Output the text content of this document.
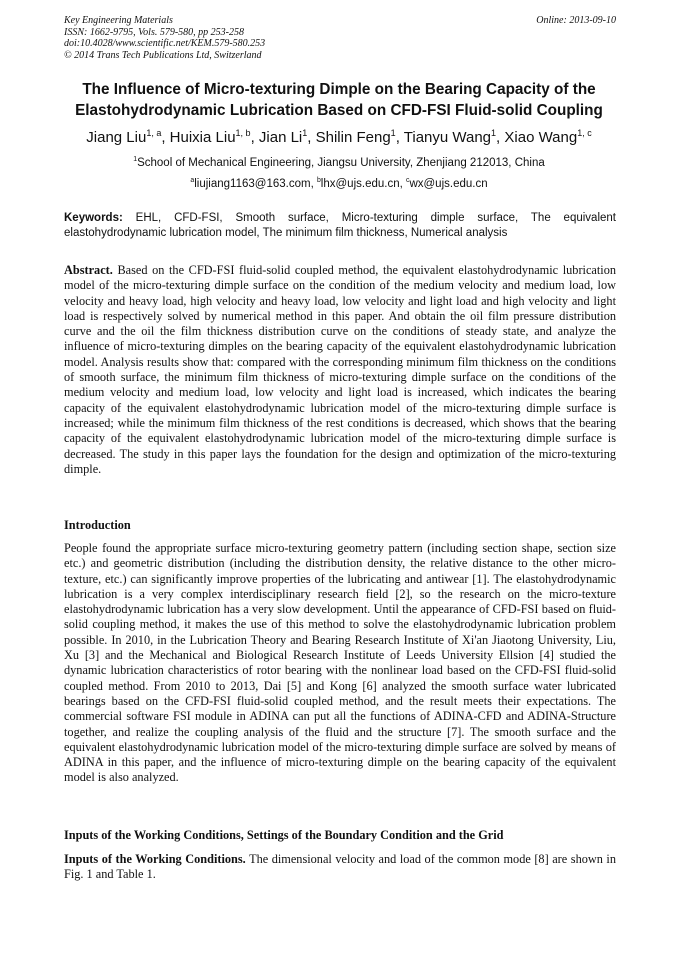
Key Engineering Materials
ISSN: 1662-9795, Vols. 579-580, pp 253-258
doi:10.4028/www.scientific.net/KEM.579-580.253
© 2014 Trans Tech Publications Ltd, Switzerland
Online: 2013-09-10
The Influence of Micro-texturing Dimple on the Bearing Capacity of the
Elastohydrodynamic Lubrication Based on CFD-FSI Fluid-solid Coupling
Jiang Liu$^{1, a}$, Huixia Liu$^{1, b}$, Jian Li$^1$, Shilin Feng$^1$, Tianyu Wang$^1$, Xiao Wang$^{1, c}$
$^1$School of Mechanical Engineering, Jiangsu University, Zhenjiang 212013, China
$^a$liujiang1163@163.com, $^b$lhx@ujs.edu.cn, $^c$wx@ujs.edu.cn
Keywords: EHL, CFD-FSI, Smooth surface, Micro-texturing dimple surface, The equivalent elastohydrodynamic lubrication model, The minimum film thickness, Numerical analysis
Abstract. Based on the CFD-FSI fluid-solid coupled method, the equivalent elastohydrodynamic lubrication model of the micro-texturing dimple surface on the condition of the medium velocity and medium load, low velocity and heavy load, high velocity and heavy load, low velocity and light load and high velocity and light load is respectively solved by numerical method in this paper. And obtain the oil film pressure distribution curve and the oil the film thickness distribution curve on the conditions of steady state, and analyze the influence of micro-texturing dimples on the bearing capacity of the equivalent elastohydrodynamic lubrication model. Analysis results show that: compared with the corresponding minimum film thickness on the conditions of smooth surface, the minimum film thickness of micro-texturing dimple surface on the conditions of the medium velocity and medium load, low velocity and light load is increased, which indicates the bearing capacity of the equivalent elastohydrodynamic lubrication model of the micro-texturing dimple surface is increased; while the minimum film thickness of the rest conditions is decreased, which shows that the bearing capacity of the equivalent elastohydrodynamic lubrication model of the micro-texturing dimple surface is decreased. The study in this paper lays the foundation for the design and optimization of the micro-texturing dimple.
Introduction
People found the appropriate surface micro-texturing geometry pattern (including section shape, section size etc.) and geometric distribution (including the distribution density, the relative distance to the other micro-texture, etc.) can significantly improve properties of the lubricating and antiwear [1]. The elastohydrodynamic lubrication is a very complex interdisciplinary research field [2], so the research on the micro-texture elastohydrodynamic lubrication has a very slow development. Until the appearance of CFD-FSI based on fluid-solid coupling method, it makes the use of this method to solve the elastohydrodynamic lubrication problem possible. In 2010, in the Lubrication Theory and Bearing Research Institute of Xi'an Jiaotong University, Liu, Xu [3] and the Mechanical and Biological Research Institute of Leeds University Ellsion [4] studied the dynamic lubrication characteristics of rotor bearing with the nonlinear load based on the CFD-FSI fluid-solid coupled method. From 2010 to 2013, Dai [5] and Kong [6] analyzed the smooth surface water lubricated bearings based on the CFD-FSI fluid-solid coupled method, and the result meets their expectations. The commercial software FSI module in ADINA can put all the functions of ADINA-CFD and ADINA-Structure together, and realize the coupling analysis of the fluid and the structure [7]. The smooth surface and the equivalent elastohydrodynamic lubrication model of the micro-texturing dimple surface are solved by means of ADINA in this paper, and the influence of micro-texturing dimple on the bearing capacity of the equivalent model is also analyzed.
Inputs of the Working Conditions, Settings of the Boundary Condition and the Grid
Inputs of the Working Conditions. The dimensional velocity and load of the common mode [8] are shown in Fig. 1 and Table 1.
